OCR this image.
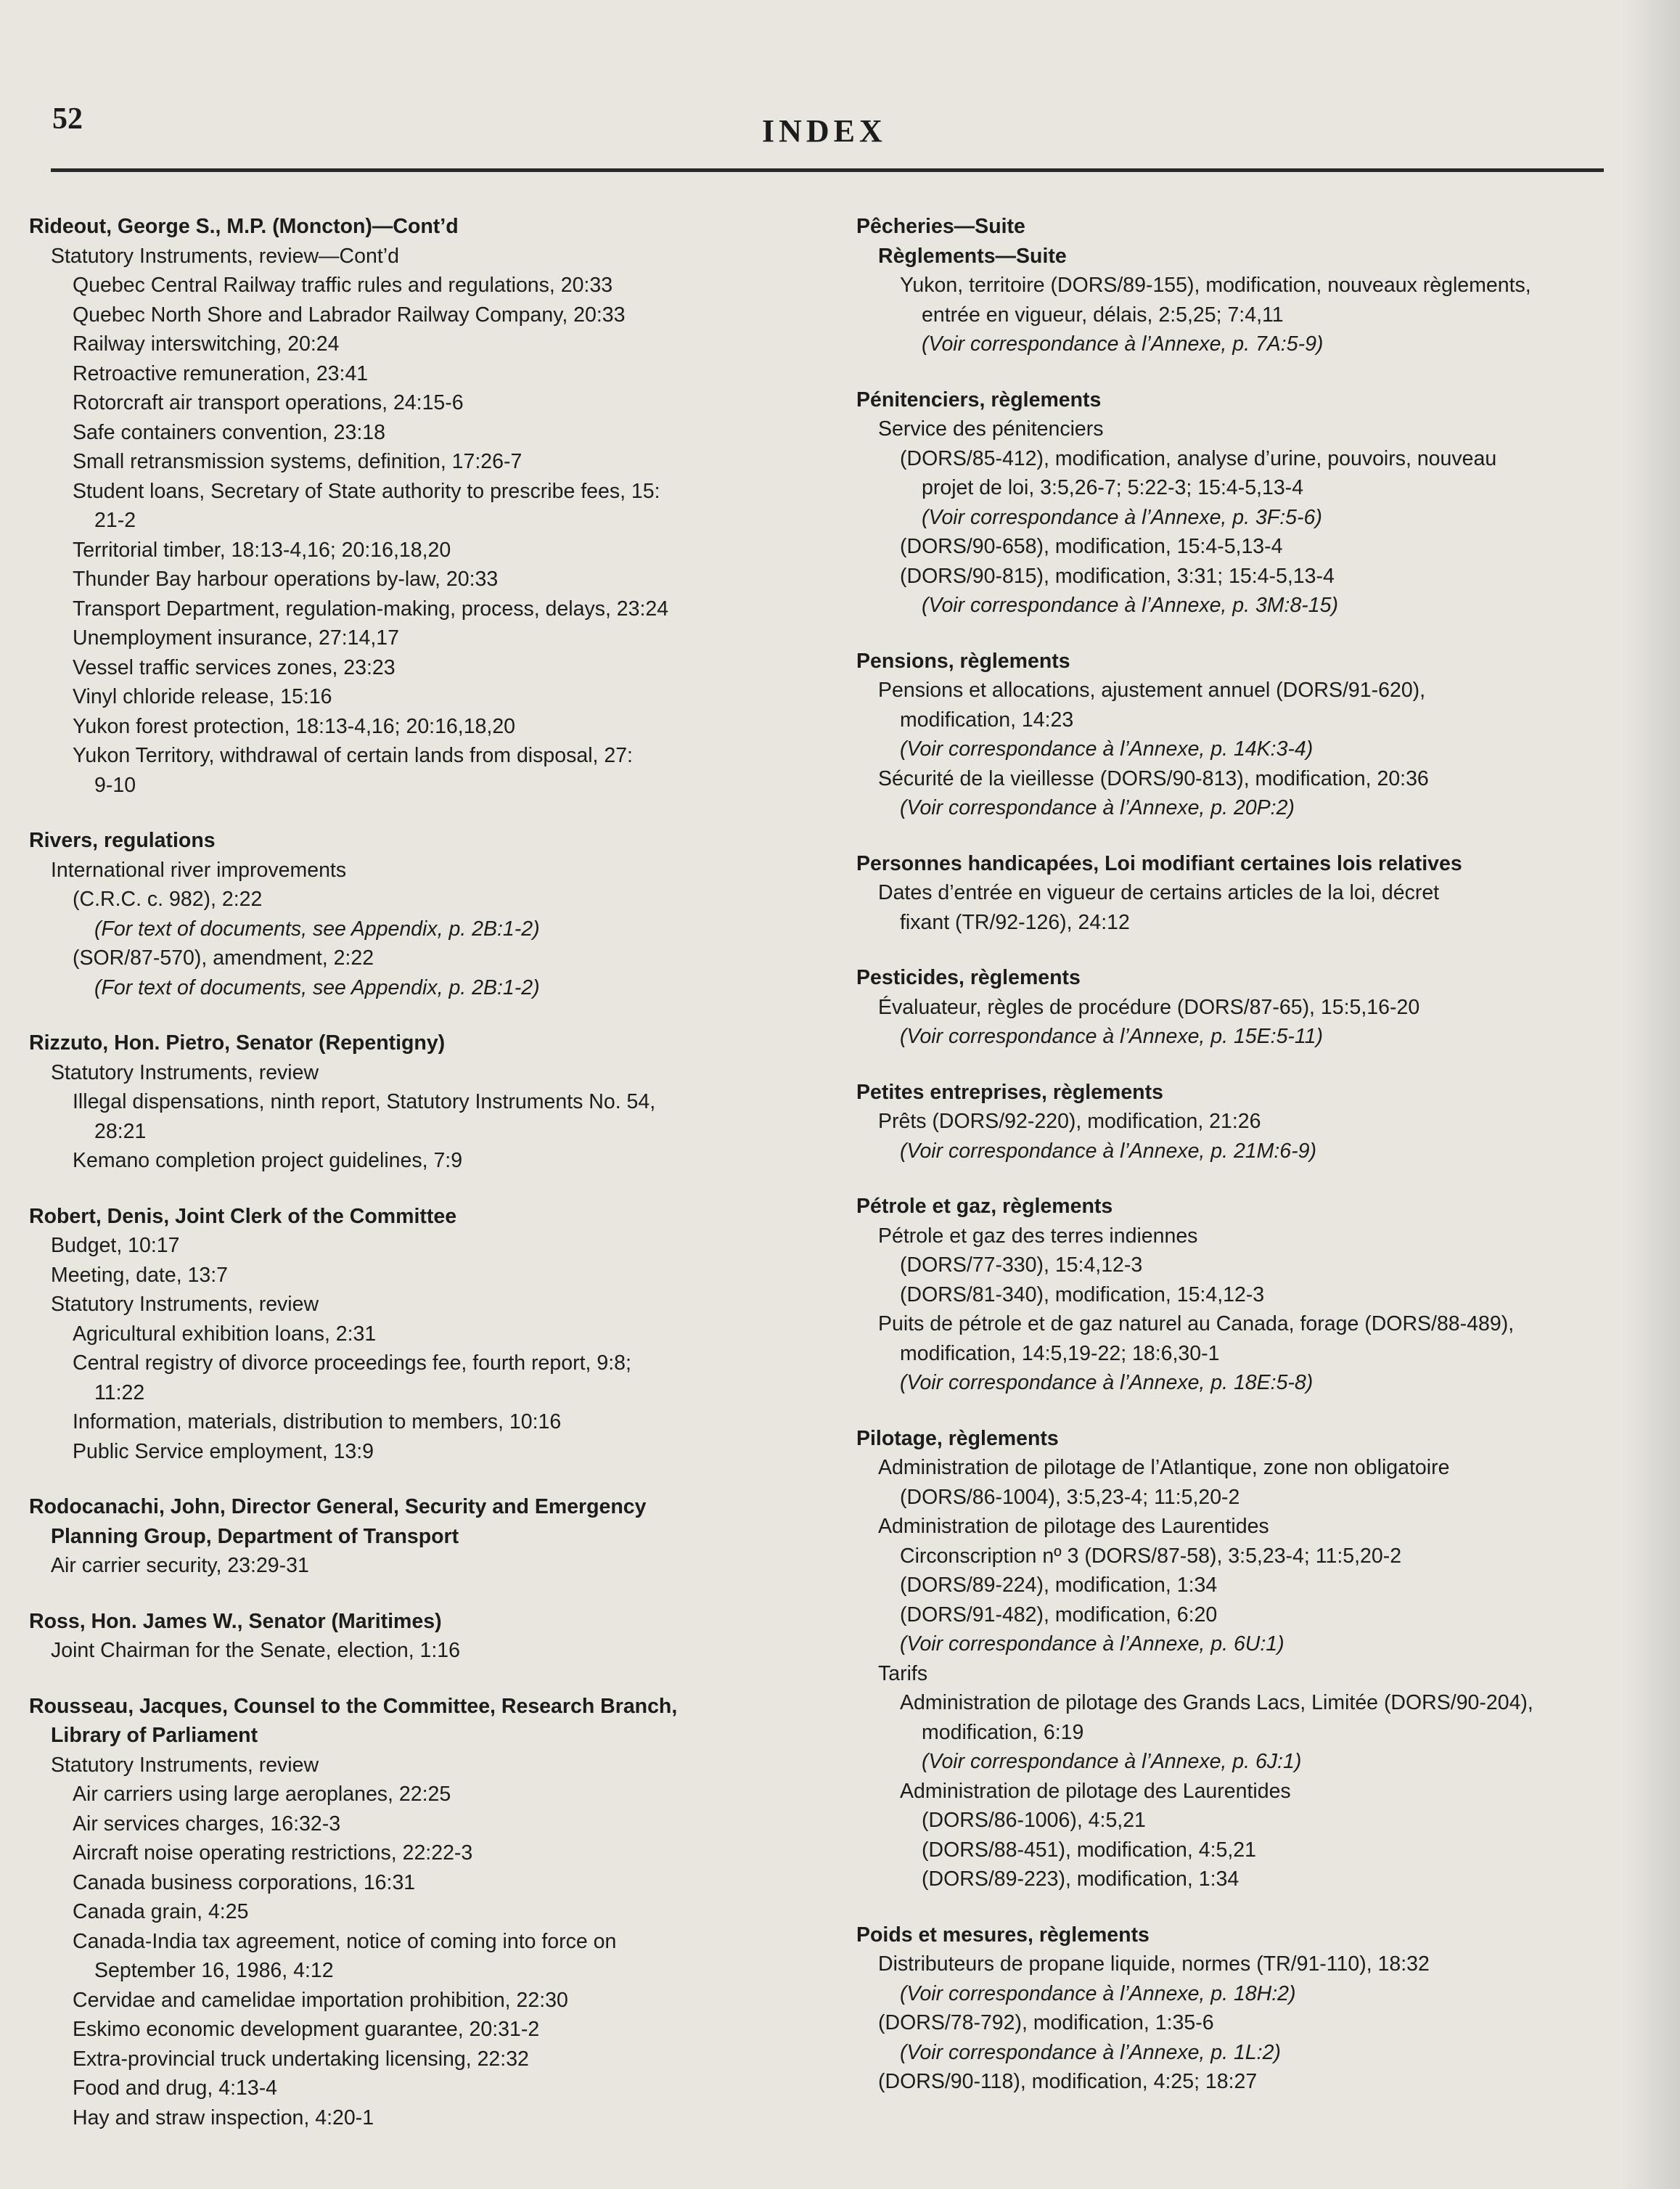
52	INDEX
Rideout, George S., M.P. (Moncton)—Cont’d
Statutory Instruments, review—Cont’d
Quebec Central Railway traffic rules and regulations, 20:33
Quebec North Shore and Labrador Railway Company, 20:33
Railway interswitching, 20:24
Retroactive remuneration, 23:41
Rotorcraft air transport operations, 24:15-6
Safe containers convention, 23:18
Small retransmission systems, definition, 17:26-7
Student loans, Secretary of State authority to prescribe fees, 15:
21-2
Territorial timber, 18:13-4,16; 20:16,18,20
Thunder Bay harbour operations by-law, 20:33
Transport Department, regulation-making, process, delays, 23:24
Unemployment insurance, 27:14,17
Vessel traffic services zones, 23:23
Vinyl chloride release, 15:16
Yukon forest protection, 18:13-4,16; 20:16,18,20
Yukon Territory, withdrawal of certain lands from disposal, 27:
9-10
Rivers, regulations
International river improvements
(C.R.C. c. 982), 2:22
(For text of documents, see Appendix, p. 2B:1-2)
(SOR/87-570), amendment, 2:22
(For text of documents, see Appendix, p. 2B:1-2)
Rizzuto, Hon. Pietro, Senator (Repentigny)
Statutory Instruments, review
Illegal dispensations, ninth report, Statutory Instruments No. 54,
28:21
Kemano completion project guidelines, 7:9
Robert, Denis, Joint Clerk of the Committee
Budget, 10:17
Meeting, date, 13:7
Statutory Instruments, review
Agricultural exhibition loans, 2:31
Central registry of divorce proceedings fee, fourth report, 9:8;
11:22
Information, materials, distribution to members, 10:16
Public Service employment, 13:9
Rodocanachi, John, Director General, Security and Emergency
Planning Group, Department of Transport
Air carrier security, 23:29-31
Ross, Hon. James W., Senator (Maritimes)
Joint Chairman for the Senate, election, 1:16
Rousseau, Jacques, Counsel to the Committee, Research Branch,
Library of Parliament
Statutory Instruments, review
Air carriers using large aeroplanes, 22:25
Air services charges, 16:32-3
Aircraft noise operating restrictions, 22:22-3
Canada business corporations, 16:31
Canada grain, 4:25
Canada-India tax agreement, notice of coming into force on
September 16, 1986, 4:12
Cervidae and camelidae importation prohibition, 22:30
Eskimo economic development guarantee, 20:31-2
Extra-provincial truck undertaking licensing, 22:32
Food and drug, 4:13-4
Hay and straw inspection, 4:20-1
Pêcheries—Suite
Règlements—Suite
Yukon, territoire (DORS/89-155), modification, nouveaux règlements,
entrée en vigueur, délais, 2:5,25; 7:4,11
(Voir correspondance à l’Annexe, p. 7A:5-9)
Pénitenciers, règlements
Service des pénitenciers
(DORS/85-412), modification, analyse d’urine, pouvoirs, nouveau
projet de loi, 3:5,26-7; 5:22-3; 15:4-5,13-4
(Voir correspondance à l’Annexe, p. 3F:5-6)
(DORS/90-658), modification, 15:4-5,13-4
(DORS/90-815), modification, 3:31; 15:4-5,13-4
(Voir correspondance à l’Annexe, p. 3M:8-15)
Pensions, règlements
Pensions et allocations, ajustement annuel (DORS/91-620),
modification, 14:23
(Voir correspondance à l’Annexe, p. 14K:3-4)
Sécurité de la vieillesse (DORS/90-813), modification, 20:36
(Voir correspondance à l’Annexe, p. 20P:2)
Personnes handicapées, Loi modifiant certaines lois relatives
Dates d’entrée en vigueur de certains articles de la loi, décret
fixant (TR/92-126), 24:12
Pesticides, règlements
Évaluateur, règles de procédure (DORS/87-65), 15:5,16-20
(Voir correspondance à l’Annexe, p. 15E:5-11)
Petites entreprises, règlements
Prêts (DORS/92-220), modification, 21:26
(Voir correspondance à l’Annexe, p. 21M:6-9)
Pétrole et gaz, règlements
Pétrole et gaz des terres indiennes
(DORS/77-330), 15:4,12-3
(DORS/81-340), modification, 15:4,12-3
Puits de pétrole et de gaz naturel au Canada, forage (DORS/88-489),
modification, 14:5,19-22; 18:6,30-1
(Voir correspondance à l’Annexe, p. 18E:5-8)
Pilotage, règlements
Administration de pilotage de l’Atlantique, zone non obligatoire
(DORS/86-1004), 3:5,23-4; 11:5,20-2
Administration de pilotage des Laurentides
Circonscription nº 3 (DORS/87-58), 3:5,23-4; 11:5,20-2
(DORS/89-224), modification, 1:34
(DORS/91-482), modification, 6:20
(Voir correspondance à l’Annexe, p. 6U:1)
Tarifs
Administration de pilotage des Grands Lacs, Limitée (DORS/90-204),
modification, 6:19
(Voir correspondance à l’Annexe, p. 6J:1)
Administration de pilotage des Laurentides
(DORS/86-1006), 4:5,21
(DORS/88-451), modification, 4:5,21
(DORS/89-223), modification, 1:34
Poids et mesures, règlements
Distributeurs de propane liquide, normes (TR/91-110), 18:32
(Voir correspondance à l’Annexe, p. 18H:2)
(DORS/78-792), modification, 1:35-6
(Voir correspondance à l’Annexe, p. 1L:2)
(DORS/90-118), modification, 4:25; 18:27
